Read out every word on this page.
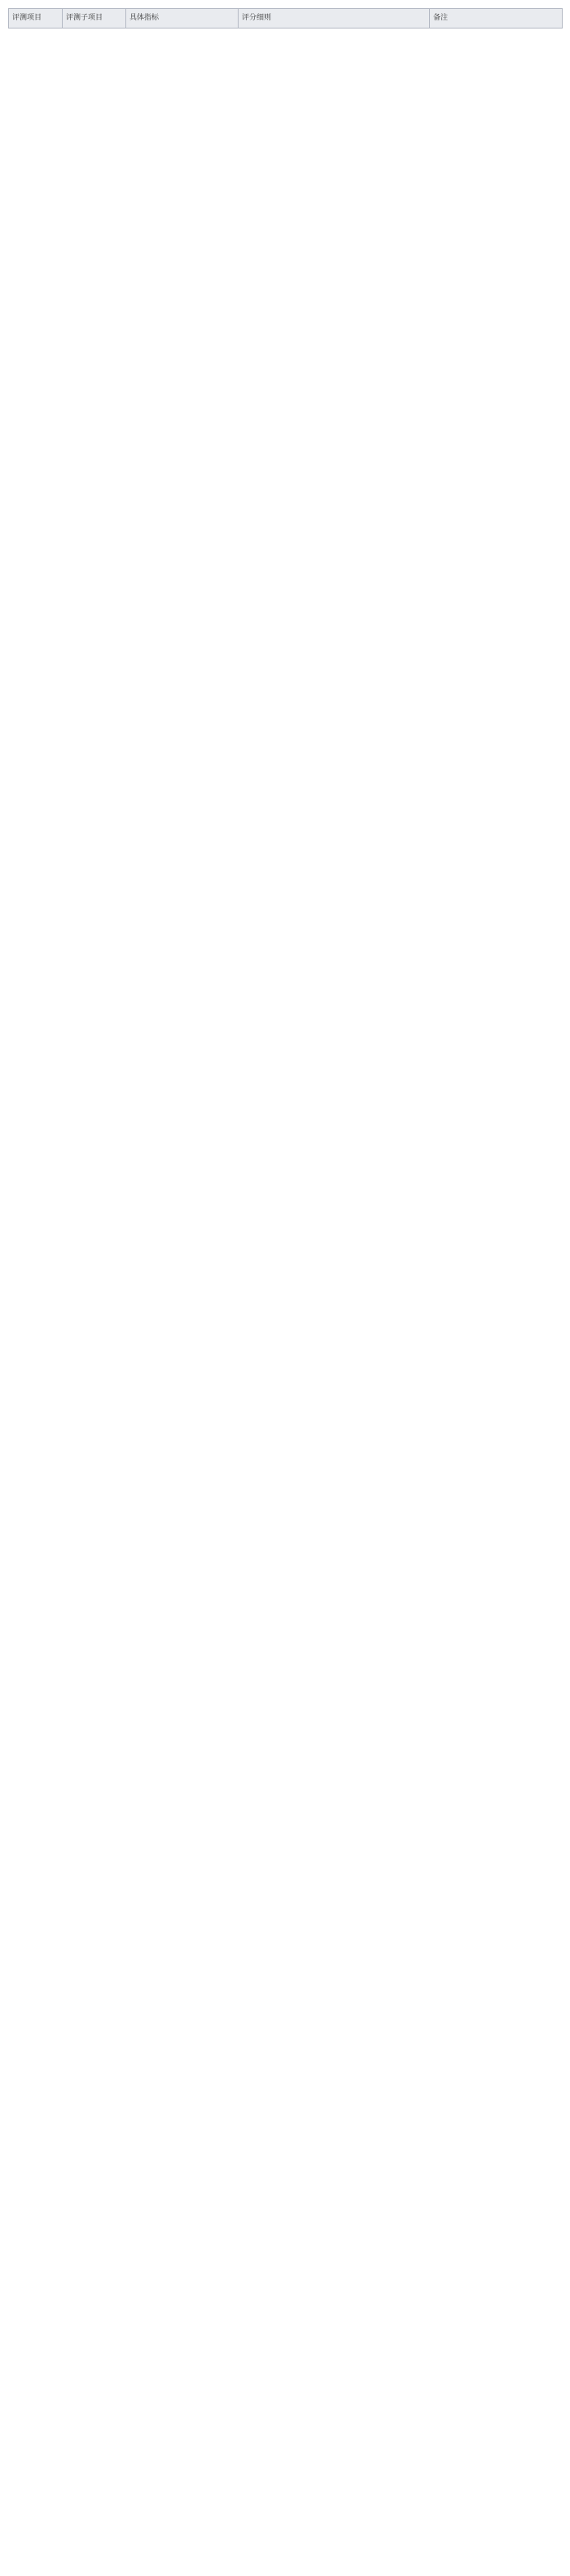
评测项目	评测子项目	具体指标	评分细则	备注
